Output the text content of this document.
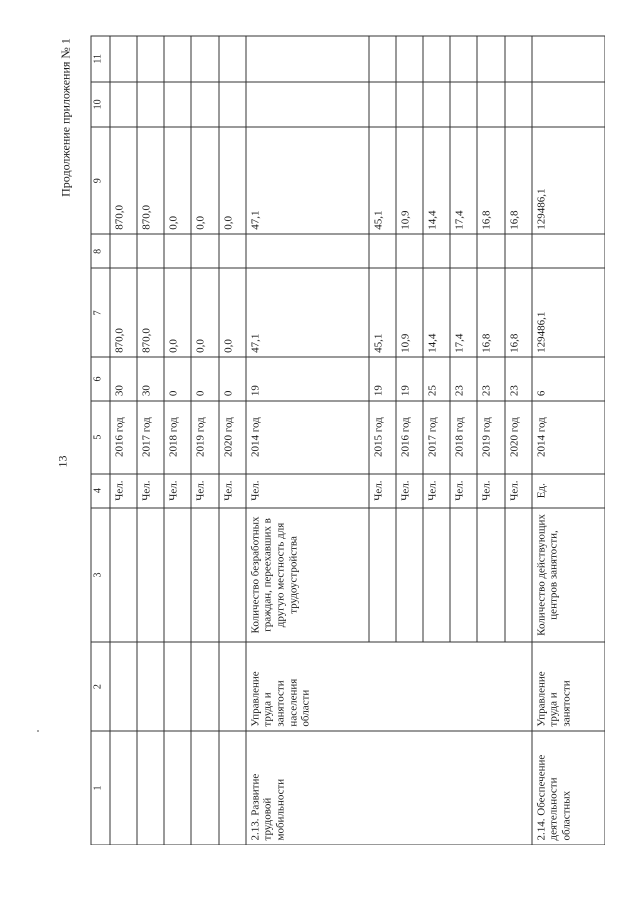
13
Продолжение приложения № 1
1	2	3	4	5	6	7	8	9	10	11
			Чел.	2016 год	30	870,0		870,0		
			Чел.	2017 год	30	870,0		870,0		
			Чел.	2018 год	0	0,0		0,0		
			Чел.	2019 год	0	0,0		0,0		
			Чел.	2020 год	0	0,0		0,0		
2.13. Развитие трудовой мобильности	Управление труда и занятости населения области	Количество безработных граждан, переехавших в другую местность для трудоустройства	Чел.	2014 год	19	47,1		47,1		
			Чел.	2015 год	19	45,1		45,1		
			Чел.	2016 год	19	10,9		10,9		
			Чел.	2017 год	25	14,4		14,4		
			Чел.	2018 год	23	17,4		17,4		
			Чел.	2019 год	23	16,8		16,8		
			Чел.	2020 год	23	16,8		16,8		
2.14. Обеспечение деятельности областных	Управление труда и занятости	Количество действующих центров занятости,	Ед.	2014 год	6	129486,1		129486,1		
